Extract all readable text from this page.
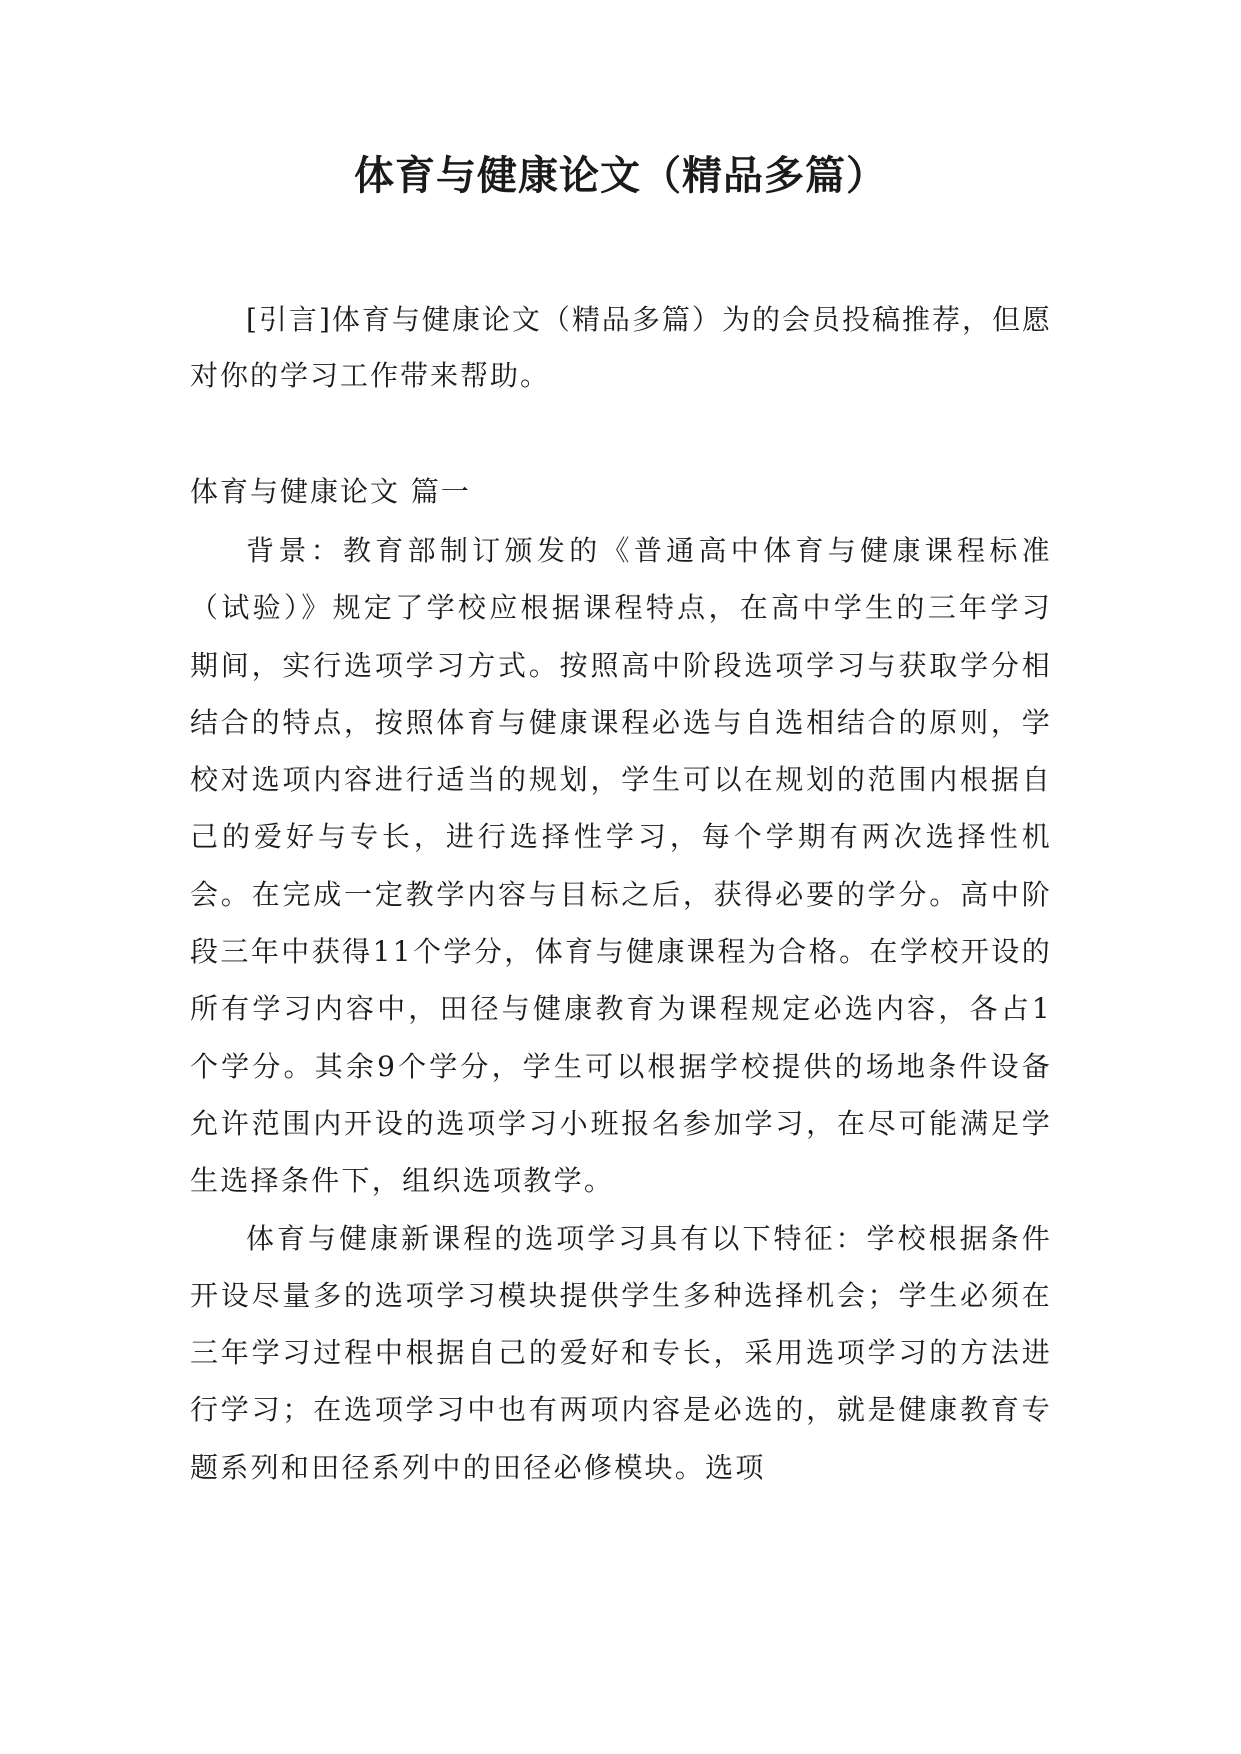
体育与健康论文（精品多篇）

[引言]体育与健康论文（精品多篇）为的会员投稿推荐，但愿对你的学习工作带来帮助。

体育与健康论文 篇一

背景：教育部制订颁发的《普通高中体育与健康课程标准（试验）》规定了学校应根据课程特点，在高中学生的三年学习期间，实行选项学习方式。按照高中阶段选项学习与获取学分相结合的特点，按照体育与健康课程必选与自选相结合的原则，学校对选项内容进行适当的规划，学生可以在规划的范围内根据自己的爱好与专长，进行选择性学习，每个学期有两次选择性机会。在完成一定教学内容与目标之后，获得必要的学分。高中阶段三年中获得11个学分，体育与健康课程为合格。在学校开设的所有学习内容中，田径与健康教育为课程规定必选内容，各占1个学分。其余9个学分，学生可以根据学校提供的场地条件设备允许范围内开设的选项学习小班报名参加学习，在尽可能满足学生选择条件下，组织选项教学。

体育与健康新课程的选项学习具有以下特征：学校根据条件开设尽量多的选项学习模块提供学生多种选择机会；学生必须在三年学习过程中根据自己的爱好和专长，采用选项学习的方法进行学习；在选项学习中也有两项内容是必选的，就是健康教育专题系列和田径系列中的田径必修模块。选项
